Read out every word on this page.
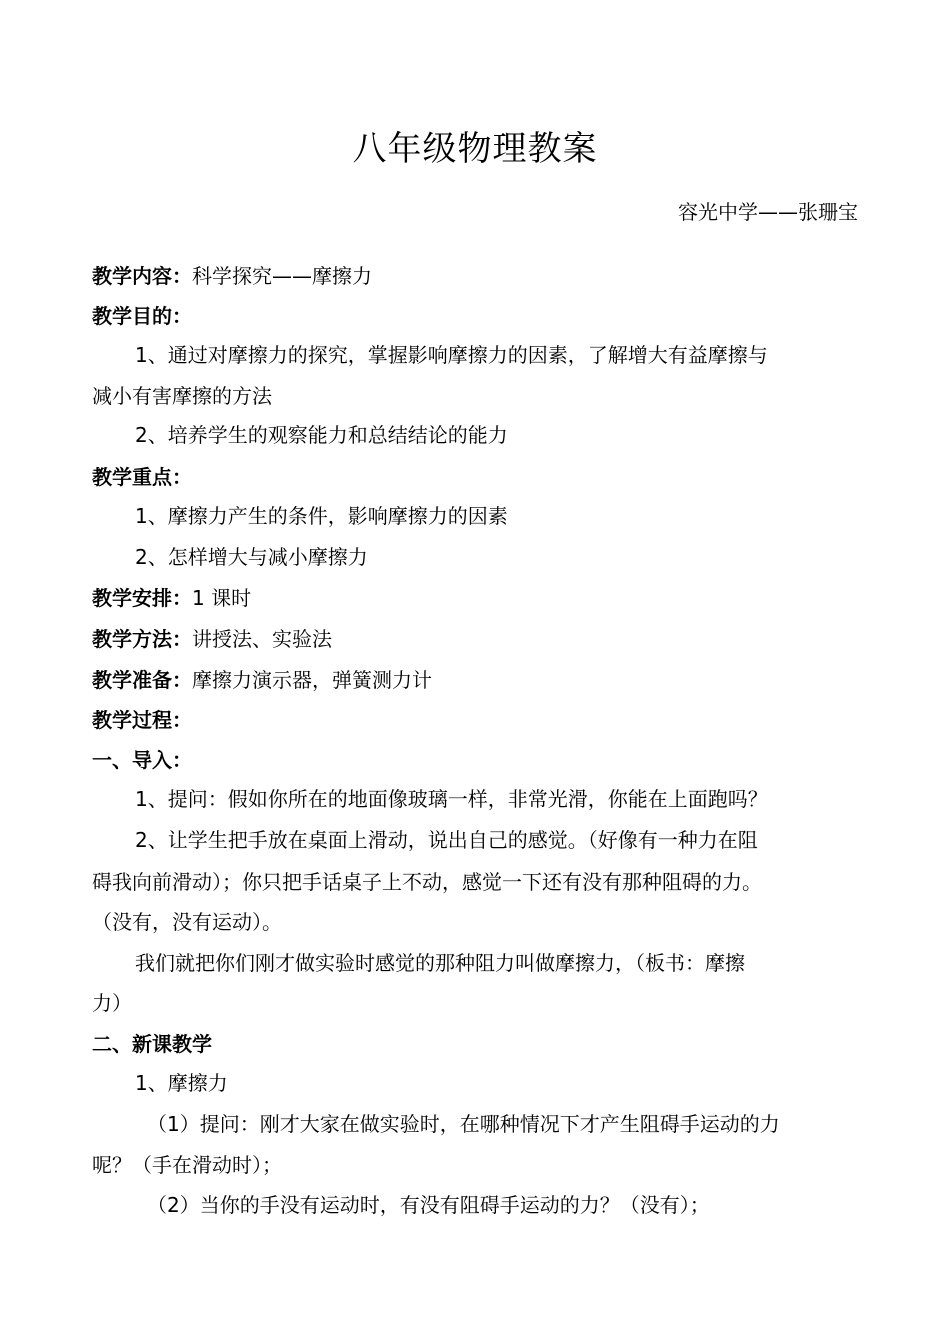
八年级物理教案
容光中学——张珊宝
教学内容：科学探究——摩擦力
教学目的：
1、通过对摩擦力的探究，掌握影响摩擦力的因素，了解增大有益摩擦与
减小有害摩擦的方法
2、培养学生的观察能力和总结结论的能力
教学重点：
1、摩擦力产生的条件，影响摩擦力的因素
2、怎样增大与减小摩擦力
教学安排：1 课时
教学方法：讲授法、实验法
教学准备：摩擦力演示器，弹簧测力计
教学过程：
一、导入：
1、提问：假如你所在的地面像玻璃一样，非常光滑，你能在上面跑吗？
2、让学生把手放在桌面上滑动，说出自己的感觉。（好像有一种力在阻
碍我向前滑动）；你只把手话桌子上不动，感觉一下还有没有那种阻碍的力。
（没有，没有运动）。
我们就把你们刚才做实验时感觉的那种阻力叫做摩擦力，（板书：摩擦
力）
二、新课教学
1、摩擦力
（1）提问：刚才大家在做实验时，在哪种情况下才产生阻碍手运动的力
呢？（手在滑动时）；
（2）当你的手没有运动时，有没有阻碍手运动的力？（没有）；
